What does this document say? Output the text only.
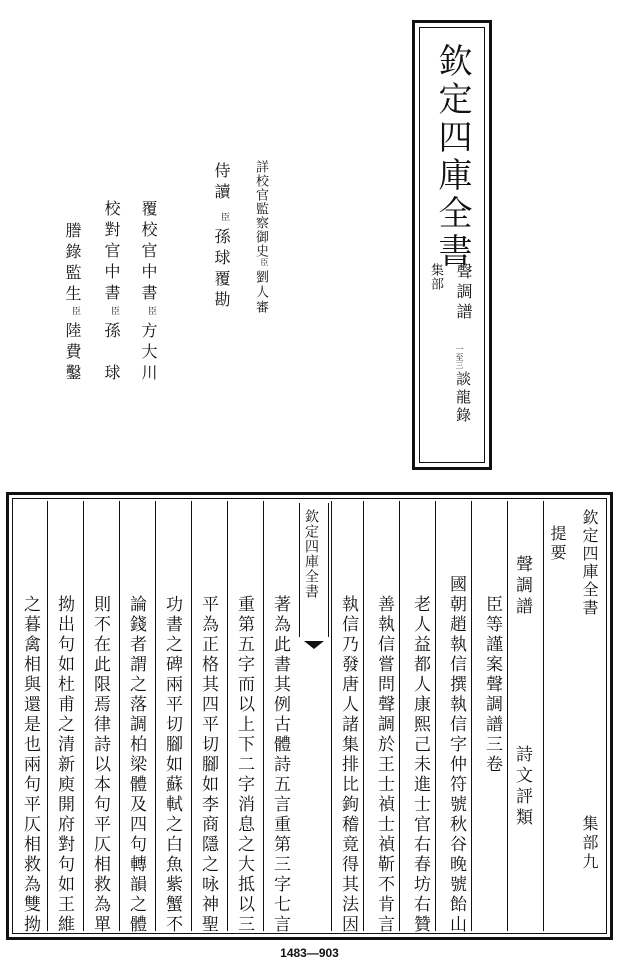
欽定四庫全書
集部 聲調譜
一至三
談龍錄
詳校官監察御史
臣
劉人審
侍讀
臣
孫球覆勘
覆校官中書
臣
方大川
校對官中書
臣
孫　球
謄錄監生
臣
陸費鑿
欽定四庫全書
集部九
提要
聲調譜
詩文評類
臣等謹案聲調譜三卷
國朝趙執信撰執信字仲符號秋谷晚號飴山
老人益都人康熙己未進士官右春坊右贊
善執信嘗問聲調於王士禎士禎靳不肯言
執信乃發唐人諸集排比鉤稽竟得其法因
欽定四庫全書
著為此書其例古體詩五言重第三字七言
重第五字而以上下二字消息之大抵以三
平為正格其四平切腳如李商隱之咏神聖
功書之碑兩平切腳如蘇軾之白魚紫蟹不
論錢者謂之落調柏梁體及四句轉韻之體
則不在此限焉律詩以本句平仄相救為單
拗出句如杜甫之清新庾開府對句如王維
之暮禽相與還是也兩句平仄相救為雙拗
1483—903
